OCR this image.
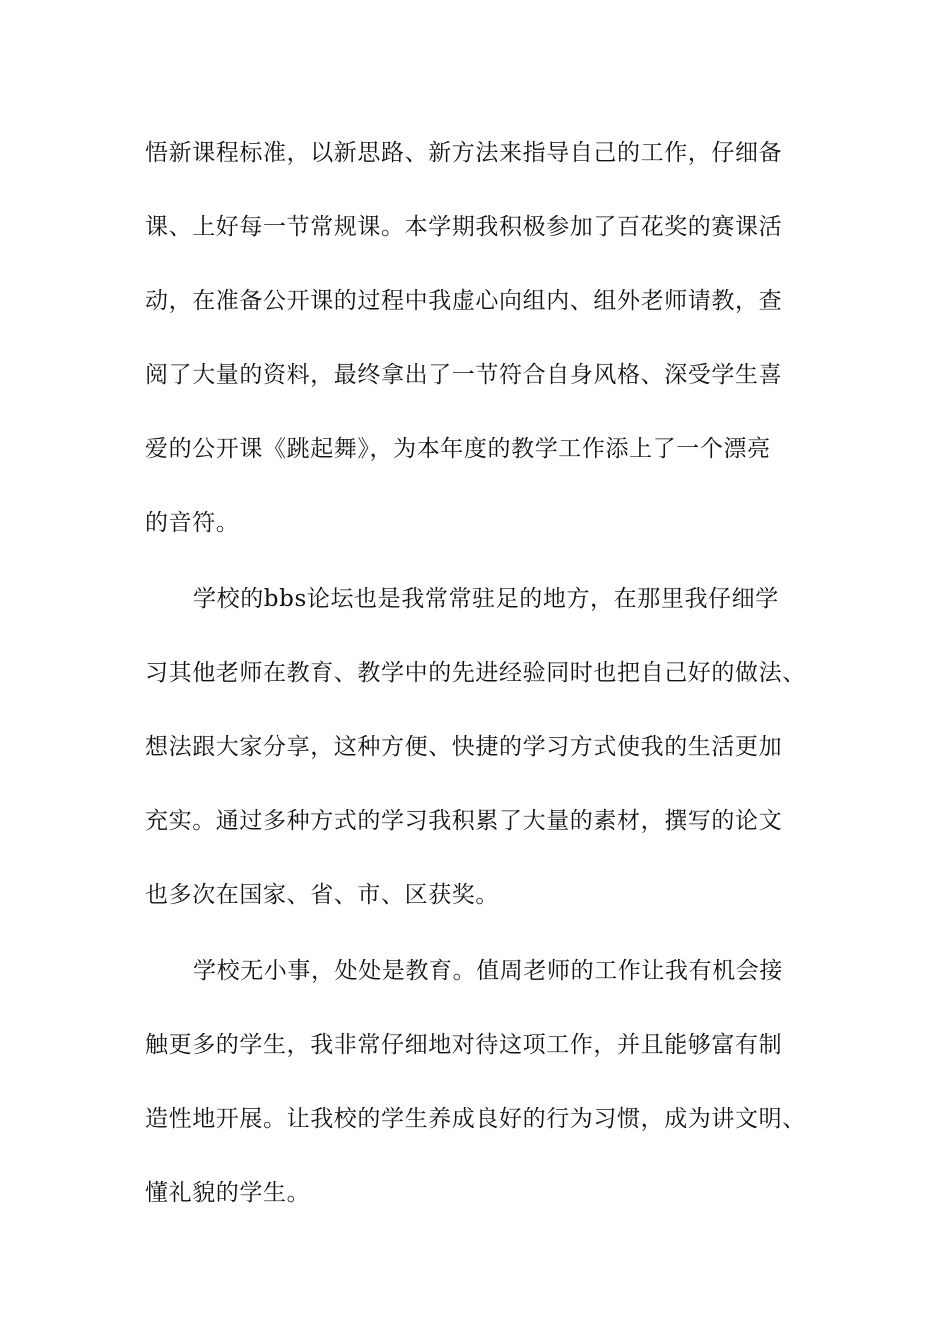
悟新课程标准，以新思路、新方法来指导自己的工作，仔细备
课、上好每一节常规课。本学期我积极参加了百花奖的赛课活
动，在准备公开课的过程中我虚心向组内、组外老师请教，查
阅了大量的资料，最终拿出了一节符合自身风格、深受学生喜
爱的公开课《跳起舞》，为本年度的教学工作添上了一个漂亮
的音符。
学校的bbs论坛也是我常常驻足的地方，在那里我仔细学
习其他老师在教育、教学中的先进经验同时也把自己好的做法、
想法跟大家分享，这种方便、快捷的学习方式使我的生活更加
充实。通过多种方式的学习我积累了大量的素材，撰写的论文
也多次在国家、省、市、区获奖。
学校无小事，处处是教育。值周老师的工作让我有机会接
触更多的学生，我非常仔细地对待这项工作，并且能够富有制
造性地开展。让我校的学生养成良好的行为习惯，成为讲文明、
懂礼貌的学生。
